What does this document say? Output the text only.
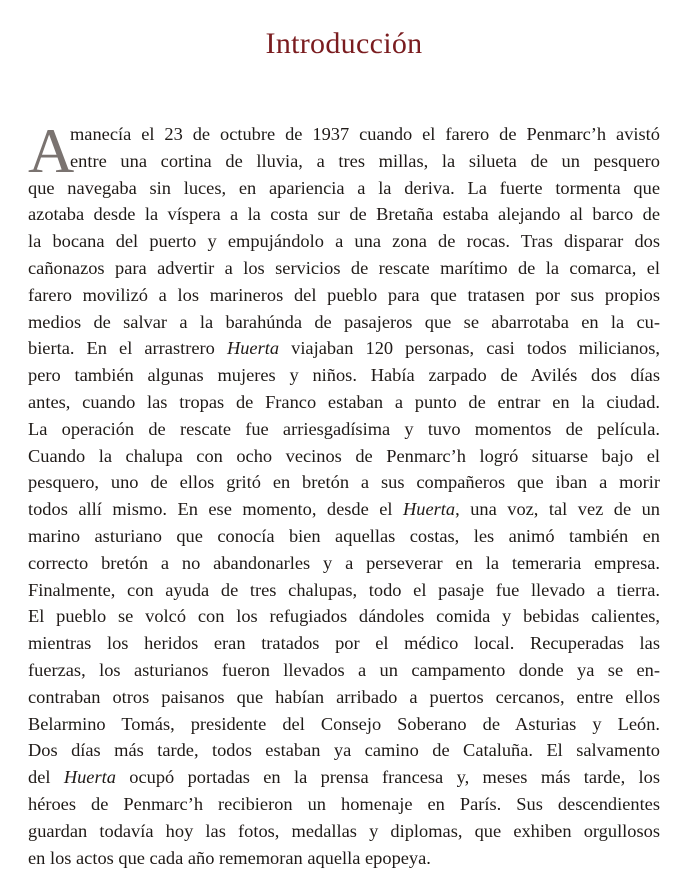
Introducción
A
manecía el 23 de octubre de 1937 cuando el farero de Penmarc’h avistó
entre una cortina de lluvia, a tres millas, la silueta de un pesquero
que navegaba sin luces, en apariencia a la deriva. La fuerte tormenta que
azotaba desde la víspera a la costa sur de Bretaña estaba alejando al barco de
la bocana del puerto y empujándolo a una zona de rocas. Tras disparar dos
cañonazos para advertir a los servicios de rescate marítimo de la comarca, el
farero movilizó a los marineros del pueblo para que tratasen por sus propios
medios de salvar a la barahúnda de pasajeros que se abarrotaba en la cu-
bierta. En el arrastrero Huerta viajaban 120 personas, casi todos milicianos,
pero también algunas mujeres y niños. Había zarpado de Avilés dos días
antes, cuando las tropas de Franco estaban a punto de entrar en la ciudad.
La operación de rescate fue arriesgadísima y tuvo momentos de película.
Cuando la chalupa con ocho vecinos de Penmarc’h logró situarse bajo el
pesquero, uno de ellos gritó en bretón a sus compañeros que iban a morir
todos allí mismo. En ese momento, desde el Huerta, una voz, tal vez de un
marino asturiano que conocía bien aquellas costas, les animó también en
correcto bretón a no abandonarles y a perseverar en la temeraria empresa.
Finalmente, con ayuda de tres chalupas, todo el pasaje fue llevado a tierra.
El pueblo se volcó con los refugiados dándoles comida y bebidas calientes,
mientras los heridos eran tratados por el médico local. Recuperadas las
fuerzas, los asturianos fueron llevados a un campamento donde ya se en-
contraban otros paisanos que habían arribado a puertos cercanos, entre ellos
Belarmino Tomás, presidente del Consejo Soberano de Asturias y León.
Dos días más tarde, todos estaban ya camino de Cataluña. El salvamento
del Huerta ocupó portadas en la prensa francesa y, meses más tarde, los
héroes de Penmarc’h recibieron un homenaje en París. Sus descendientes
guardan todavía hoy las fotos, medallas y diplomas, que exhiben orgullosos
en los actos que cada año rememoran aquella epopeya.
